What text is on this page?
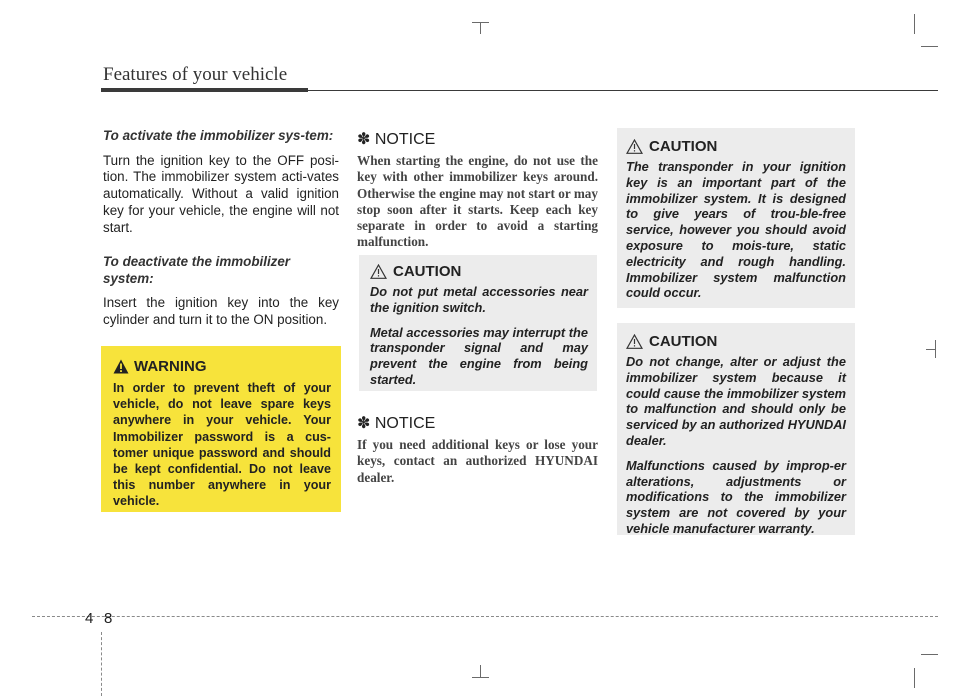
Features of your vehicle

To activate the immobilizer sys-tem:

Turn the ignition key to the OFF posi-tion. The immobilizer system acti-vates automatically. Without a valid ignition key for your vehicle, the engine will not start.

To deactivate the immobilizer system:

Insert the ignition key into the key cylinder and turn it to the ON position.

WARNING

In order to prevent theft of your vehicle, do not leave spare keys anywhere in your vehicle. Your Immobilizer password is a cus-tomer unique password and should be kept confidential. Do not leave this number anywhere in your vehicle.

✽ NOTICE

When starting the engine, do not use the key with other immobilizer keys around. Otherwise the engine may not start or may stop soon after it starts. Keep each key separate in order to avoid a starting malfunction.

CAUTION

Do not put metal accessories near the ignition switch.

Metal accessories may interrupt the transponder signal and may prevent the engine from being started.

✽ NOTICE

If you need additional keys or lose your keys, contact an authorized HYUNDAI dealer.

CAUTION

The transponder in your ignition key is an important part of the immobilizer system. It is designed to give years of trou-ble-free service, however you should avoid exposure to mois-ture, static electricity and rough handling. Immobilizer system malfunction could occur.

CAUTION

Do not change, alter or adjust the immobilizer system because it could cause the immobilizer system to malfunction and should only be serviced by an authorized HYUNDAI dealer.

Malfunctions caused by improp-er alterations, adjustments or modifications to the immobilizer system are not covered by your vehicle manufacturer warranty.

4 8
